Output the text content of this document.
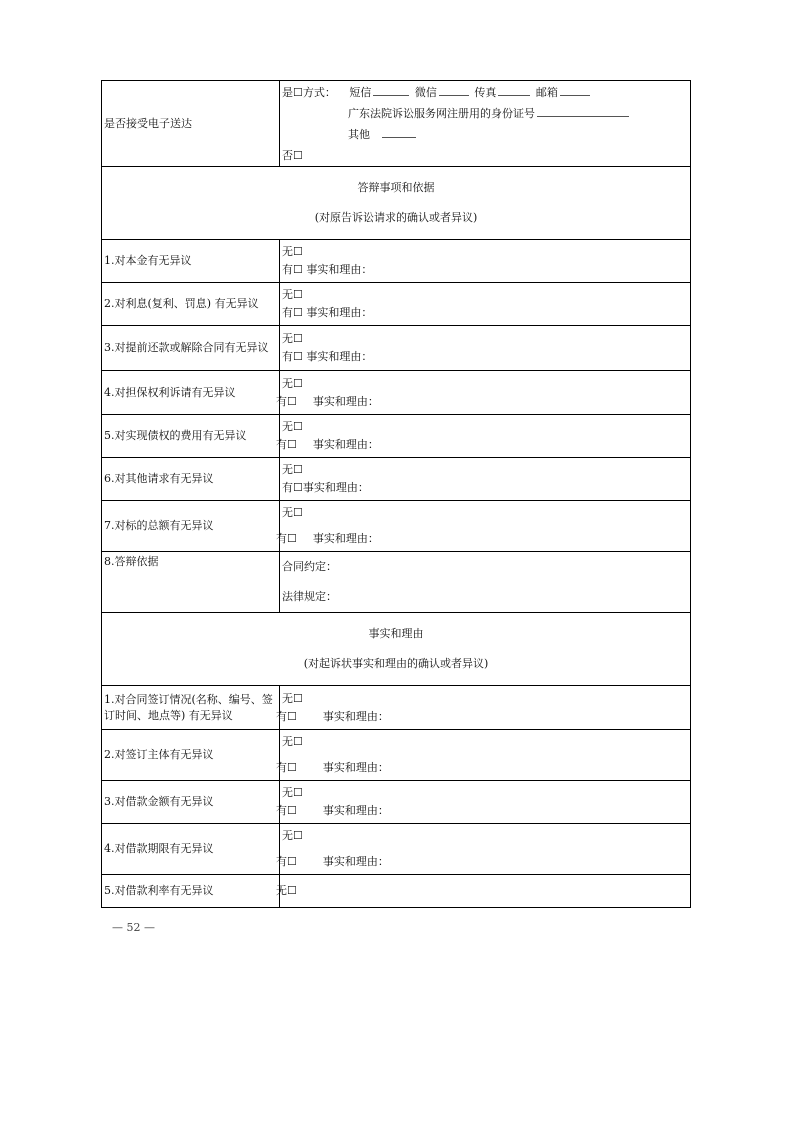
是否接受电子送达	是☐方式： 短信 微信 传真 邮箱
广东法院诉讼服务网注册用的身份证号
其他
否☐

答辩事项和依据
(对原告诉讼请求的确认或者异议)	

1.对本金有无异议	无☐
有☐ 事实和理由：

2.对利息(复利、罚息) 有无异议	无☐
有☐ 事实和理由：

3.对提前还款或解除合同有无异议	无☐
有☐ 事实和理由：

4.对担保权利诉请有无异议	无☐
有☐ 事实和理由：

5.对实现债权的费用有无异议	无☐
有☐ 事实和理由：

6.对其他请求有无异议	无☐
有☐事实和理由：

7.对标的总额有无异议	无☐
有☐ 事实和理由：

8.答辩依据	合同约定：
法律规定：

事实和理由
(对起诉状事实和理由的确认或者异议)	

1.对合同签订情况(名称、编号、签订时间、地点等) 有无异议	无☐
有☐ 事实和理由：

2.对签订主体有无异议	无☐
有☐ 事实和理由：

3.对借款金额有无异议	无☐
有☐ 事实和理由：

4.对借款期限有无异议	无☐
有☐ 事实和理由：

5.对借款利率有无异议	无☐
— 52 —
